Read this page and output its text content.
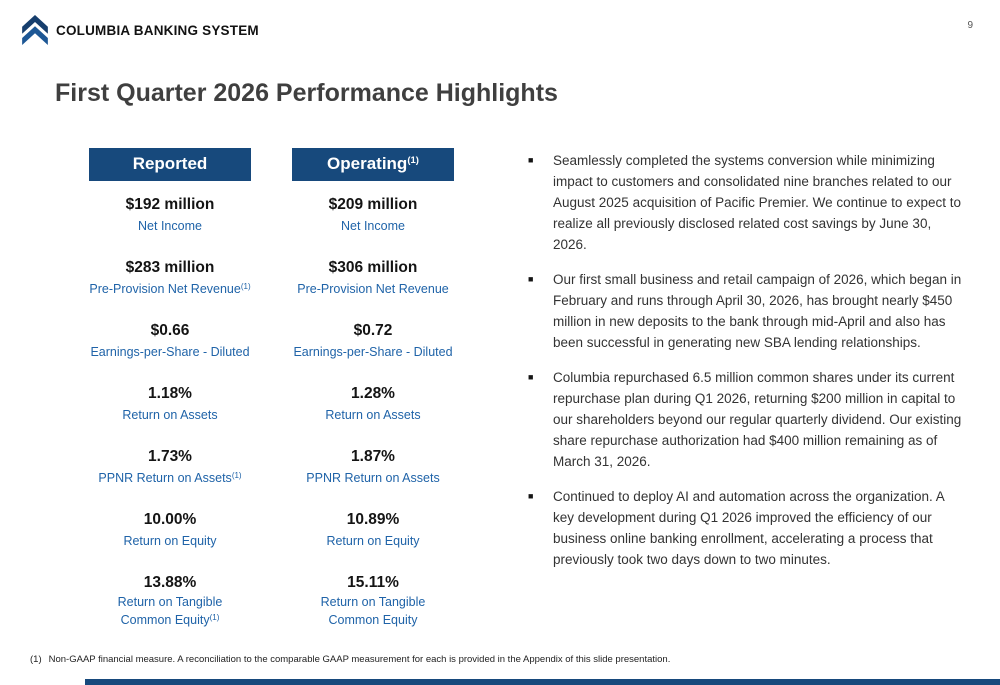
COLUMBIA BANKING SYSTEM	9
First Quarter 2026 Performance Highlights
Reported
$192 million
Net Income
$283 million
Pre-Provision Net Revenue$^{(1)}$
$0.66
Earnings-per-Share - Diluted
1.18%
Return on Assets
1.73%
PPNR Return on Assets$^{(1)}$
10.00%
Return on Equity
13.88%
Return on Tangible Common Equity$^{(1)}$
Operating$^{(1)}$
$209 million
Net Income
$306 million
Pre-Provision Net Revenue
$0.72
Earnings-per-Share - Diluted
1.28%
Return on Assets
1.87%
PPNR Return on Assets
10.89%
Return on Equity
15.11%
Return on Tangible Common Equity
■ Seamlessly completed the systems conversion while minimizing impact to customers and consolidated nine branches related to our August 2025 acquisition of Pacific Premier. We continue to expect to realize all previously disclosed related cost savings by June 30, 2026.
■ Our first small business and retail campaign of 2026, which began in February and runs through April 30, 2026, has brought nearly $450 million in new deposits to the bank through mid-April and also has been successful in generating new SBA lending relationships.
■ Columbia repurchased 6.5 million common shares under its current repurchase plan during Q1 2026, returning $200 million in capital to our shareholders beyond our regular quarterly dividend. Our existing share repurchase authorization had $400 million remaining as of March 31, 2026.
■ Continued to deploy AI and automation across the organization. A key development during Q1 2026 improved the efficiency of our business online banking enrollment, accelerating a process that previously took two days down to two minutes.
(1) Non-GAAP financial measure. A reconciliation to the comparable GAAP measurement for each is provided in the Appendix of this slide presentation.
